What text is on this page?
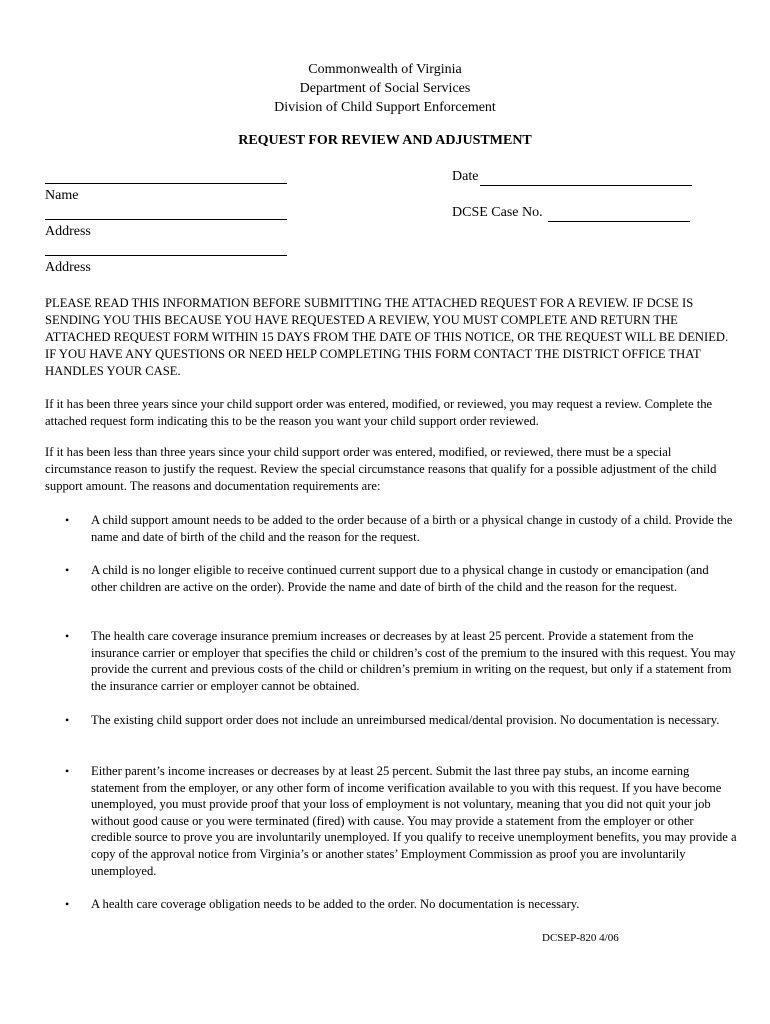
Commonwealth of Virginia
Department of Social Services
Division of Child Support Enforcement
REQUEST FOR REVIEW AND ADJUSTMENT
Name
Address
Address
Date
DCSE Case No.
PLEASE READ THIS INFORMATION BEFORE SUBMITTING THE ATTACHED REQUEST FOR A REVIEW. IF DCSE IS SENDING YOU THIS BECAUSE YOU HAVE REQUESTED A REVIEW, YOU MUST COMPLETE AND RETURN THE ATTACHED REQUEST FORM WITHIN 15 DAYS FROM THE DATE OF THIS NOTICE, OR THE REQUEST WILL BE DENIED. IF YOU HAVE ANY QUESTIONS OR NEED HELP COMPLETING THIS FORM CONTACT THE DISTRICT OFFICE THAT HANDLES YOUR CASE.
If it has been three years since your child support order was entered, modified, or reviewed, you may request a review. Complete the attached request form indicating this to be the reason you want your child support order reviewed.
If it has been less than three years since your child support order was entered, modified, or reviewed, there must be a special circumstance reason to justify the request. Review the special circumstance reasons that qualify for a possible adjustment of the child support amount. The reasons and documentation requirements are:
• A child support amount needs to be added to the order because of a birth or a physical change in custody of a child. Provide the name and date of birth of the child and the reason for the request.
• A child is no longer eligible to receive continued current support due to a physical change in custody or emancipation (and other children are active on the order). Provide the name and date of birth of the child and the reason for the request.
• The health care coverage insurance premium increases or decreases by at least 25 percent. Provide a statement from the insurance carrier or employer that specifies the child or children’s cost of the premium to the insured with this request. You may provide the current and previous costs of the child or children’s premium in writing on the request, but only if a statement from the insurance carrier or employer cannot be obtained.
• The existing child support order does not include an unreimbursed medical/dental provision. No documentation is necessary.
• Either parent’s income increases or decreases by at least 25 percent. Submit the last three pay stubs, an income earning statement from the employer, or any other form of income verification available to you with this request. If you have become unemployed, you must provide proof that your loss of employment is not voluntary, meaning that you did not quit your job without good cause or you were terminated (fired) with cause. You may provide a statement from the employer or other credible source to prove you are involuntarily unemployed. If you qualify to receive unemployment benefits, you may provide a copy of the approval notice from Virginia’s or another states’ Employment Commission as proof you are involuntarily unemployed.
• A health care coverage obligation needs to be added to the order. No documentation is necessary.
DCSEP-820 4/06
